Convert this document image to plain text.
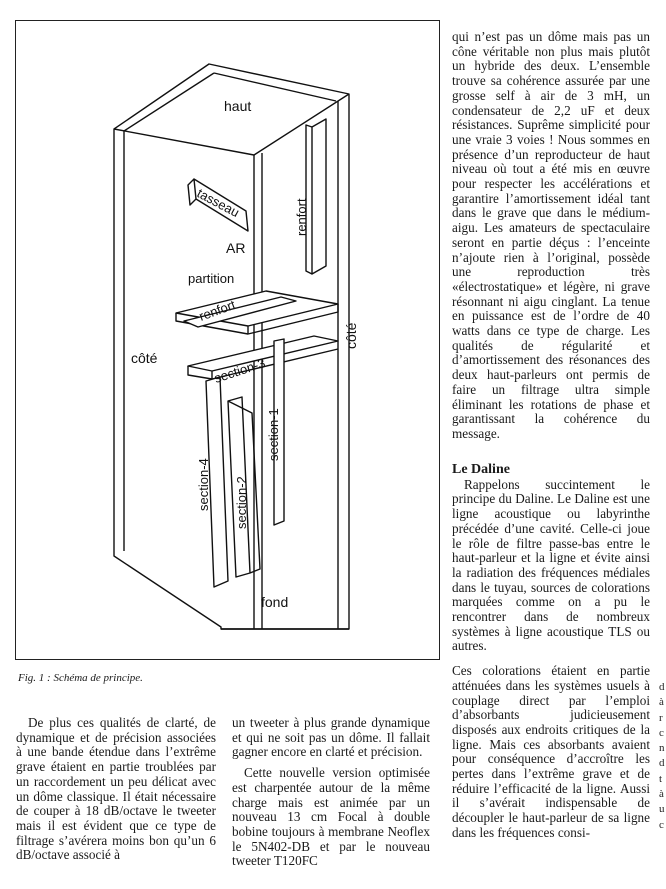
haut
tasseau	renfort
AR
partition
renfort
côté
côté
section-3
section-1
section-4 section-2
fond
Fig. 1 : Schéma de principe.

qui n’est pas un dôme mais pas un cône véritable non plus mais plutôt un hybride des deux. L’ensemble trouve sa cohérence assurée par une grosse self à air de 3 mH, un condensateur de 2,2 uF et deux résistances. Suprême simplicité pour une vraie 3 voies ! Nous sommes en présence d’un reproducteur de haut niveau où tout a été mis en œuvre pour respecter les accélérations et garantire l’amortissement idéal tant dans le grave que dans le médium-aigu. Les amateurs de spectaculaire seront en partie déçus : l’enceinte n’ajoute rien à l’original, possède une reproduction très «électrostatique» et légère, ni grave résonnant ni aigu cinglant. La tenue en puissance est de l’ordre de 40 watts dans ce type de charge. Les qualités de régularité et d’amortissement des résonances des deux haut-parleurs ont permis de faire un filtrage ultra simple éliminant les rotations de phase et garantissant la cohérence du message.

Le Daline

Rappelons succintement le principe du Daline. Le Daline est une ligne acoustique ou labyrinthe précédée d’une cavité. Celle-ci joue le rôle de filtre passe-bas entre le haut-parleur et la ligne et évite ainsi la radiation des fréquences médiales dans le tuyau, sources de colorations marquées comme on a pu le rencontrer dans de nombreux systèmes à ligne acoustique TLS ou autres.

Ces colorations étaient en partie atténuées dans les systèmes usuels à couplage direct par l’emploi d’absorbants judicieusement disposés aux endroits critiques de la ligne. Mais ces absorbants avaient pour conséquence d’accroître les pertes dans l’extrême grave et de réduire l’efficacité de la ligne. Aussi il s’avérait indispensable de découpler le haut-parleur de sa ligne dans les fréquences consi-

De plus ces qualités de clarté, de dynamique et de précision associées à une bande étendue dans l’extrême grave étaient en partie troublées par un raccordement un peu délicat avec un dôme classique. Il était nécessaire de couper à 18 dB/octave le tweeter mais il est évident que ce type de filtrage s’avérera moins bon qu’un 6 dB/octave associé à

un tweeter à plus grande dynamique et qui ne soit pas un dôme. Il fallait gagner encore en clarté et précision.

Cette nouvelle version optimisée est charpentée autour de la même charge mais est animée par un nouveau 13 cm Focal à double bobine toujours à membrane Neoflex le 5N402-DB et par le nouveau tweeter T120FC

d à r c n d t à u c
